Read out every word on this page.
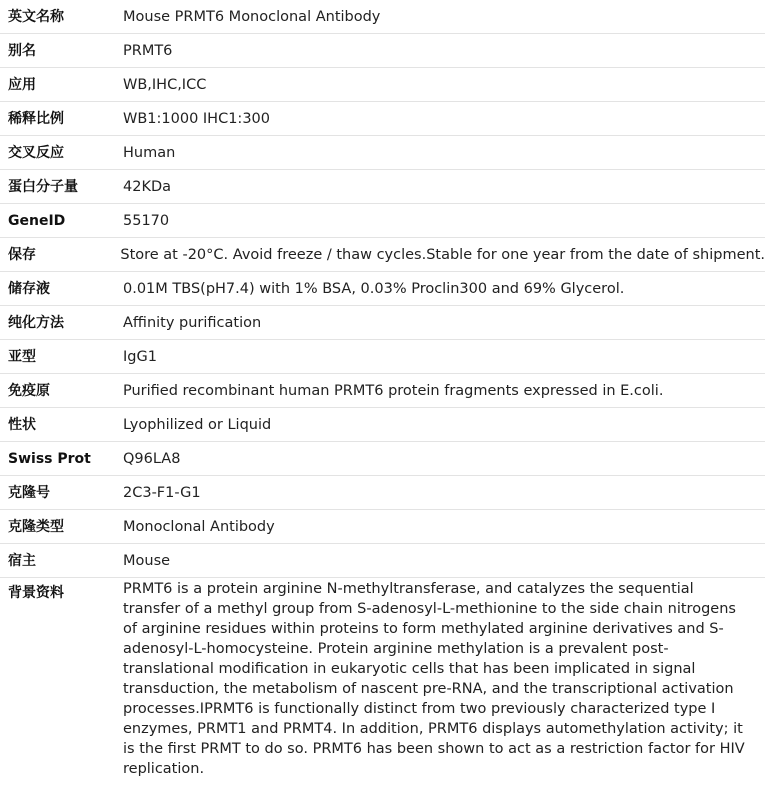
英文名称	Mouse PRMT6 Monoclonal Antibody
别名	PRMT6
应用	WB,IHC,ICC
稀释比例	WB1:1000 IHC1:300
交叉反应	Human
蛋白分子量	42KDa
GeneID	55170
保存	Store at -20°C. Avoid freeze / thaw cycles.Stable for one year from the date of shipment.
储存液	0.01M TBS(pH7.4) with 1% BSA, 0.03% Proclin300 and 69% Glycerol.
纯化方法	Affinity purification
亚型	IgG1
免疫原	Purified recombinant human PRMT6 protein fragments expressed in E.coli.
性状	Lyophilized or Liquid
Swiss Prot	Q96LA8
克隆号	2C3-F1-G1
克隆类型	Monoclonal Antibody
宿主	Mouse
背景资料	PRMT6 is a protein arginine N-methyltransferase, and catalyzes the sequential transfer of a methyl group from S-adenosyl-L-methionine to the side chain nitrogens of arginine residues within proteins to form methylated arginine derivatives and S-adenosyl-L-homocysteine. Protein arginine methylation is a prevalent post-translational modification in eukaryotic cells that has been implicated in signal transduction, the metabolism of nascent pre-RNA, and the transcriptional activation processes.IPRMT6 is functionally distinct from two previously characterized type I enzymes, PRMT1 and PRMT4. In addition, PRMT6 displays automethylation activity; it is the first PRMT to do so. PRMT6 has been shown to act as a restriction factor for HIV replication.
